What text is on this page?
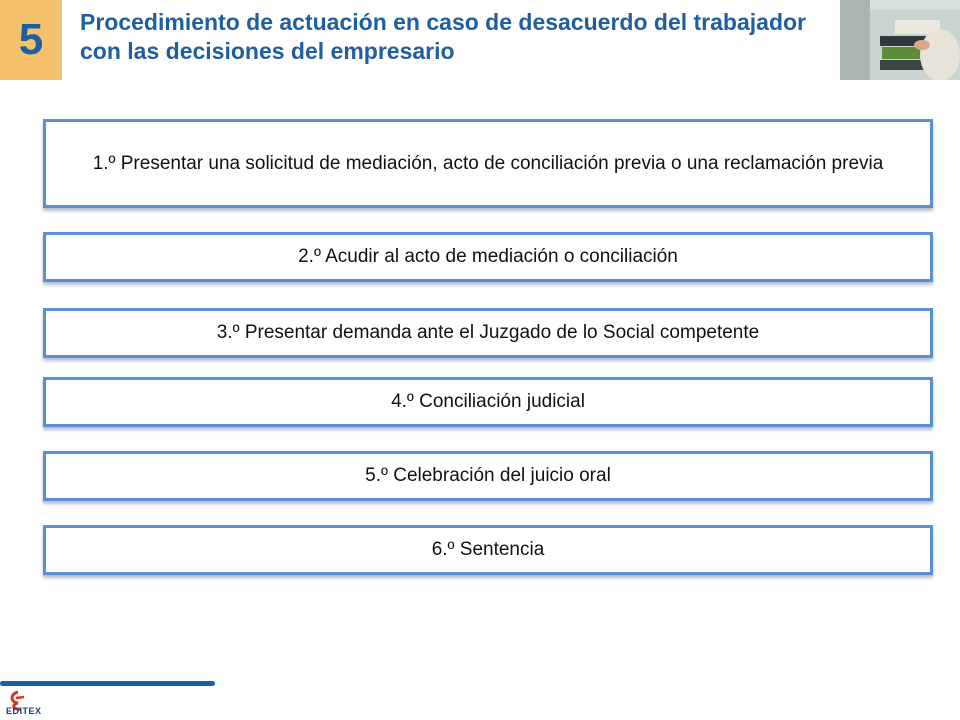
5 Procedimiento de actuación en caso de desacuerdo del trabajador con las decisiones del empresario
1.º Presentar una solicitud de mediación, acto de conciliación previa o una reclamación previa
2.º Acudir al acto de mediación o conciliación
3.º Presentar demanda ante el Juzgado de lo Social competente
4.º Conciliación judicial
5.º Celebración del juicio oral
6.º Sentencia
EDITEX
